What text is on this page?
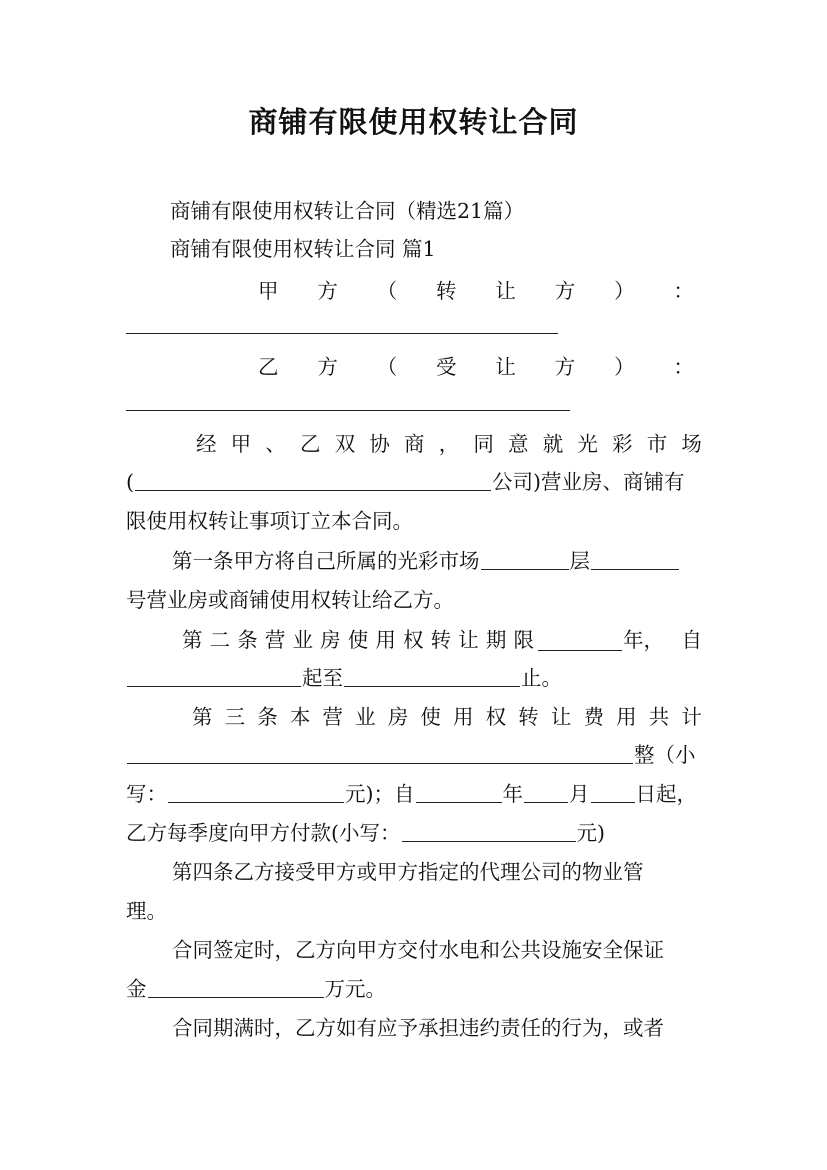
商铺有限使用权转让合同
商铺有限使用权转让合同（精选21篇）
商铺有限使用权转让合同 篇1
甲 方 （ 转 让 方 ） ：
乙 方 （ 受 让 方 ） ：
经 甲 、 乙 双 协 商 ， 同 意 就 光 彩 市 场
(	公司)营业房、商铺有
限使用权转让事项订立本合同。
第一条甲方将自己所属的光彩市场	层
号营业房或商铺使用权转让给乙方。
第 二 条 营 业 房 使 用 权 转 让 期 限	年， 自
起至	止。
第 三 条 本 营 业 房 使 用 权 转 让 费 用 共 计
整（小
写：	元)；自	年 月 日起，
乙方每季度向甲方付款(小写：	元)
第四条乙方接受甲方或甲方指定的代理公司的物业管
理。
合同签定时，乙方向甲方交付水电和公共设施安全保证
金	万元。
合同期满时，乙方如有应予承担违约责任的行为，或者
